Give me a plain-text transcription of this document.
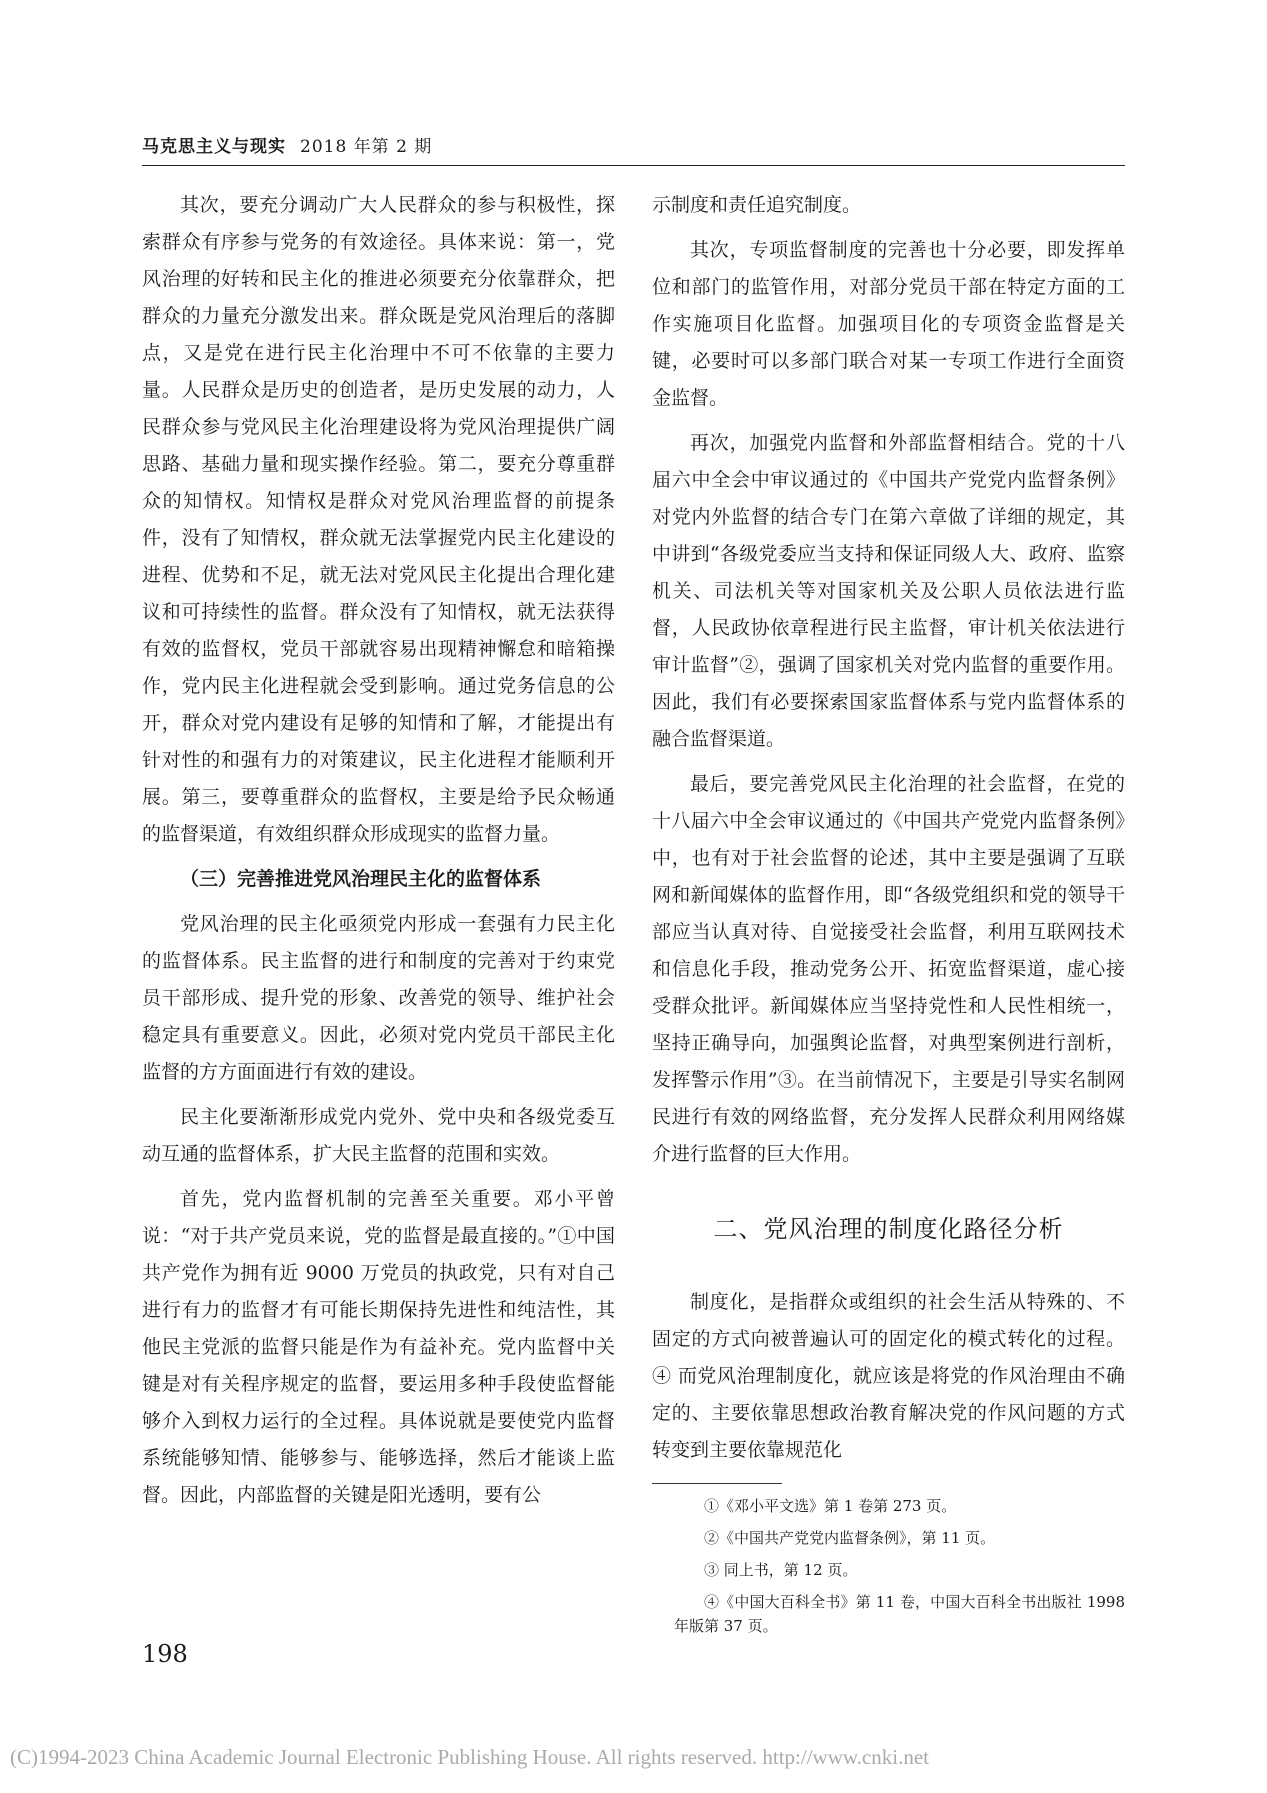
马克思主义与现实 2018 年第 2 期

其次，要充分调动广大人民群众的参与积极性，探索群众有序参与党务的有效途径。具体来说：第一，党风治理的好转和民主化的推进必须要充分依靠群众，把群众的力量充分激发出来。群众既是党风治理后的落脚点，又是党在进行民主化治理中不可不依靠的主要力量。人民群众是历史的创造者，是历史发展的动力，人民群众参与党风民主化治理建设将为党风治理提供广阔思路、基础力量和现实操作经验。第二，要充分尊重群众的知情权。知情权是群众对党风治理监督的前提条件，没有了知情权，群众就无法掌握党内民主化建设的进程、优势和不足，就无法对党风民主化提出合理化建议和可持续性的监督。群众没有了知情权，就无法获得有效的监督权，党员干部就容易出现精神懈怠和暗箱操作，党内民主化进程就会受到影响。通过党务信息的公开，群众对党内建设有足够的知情和了解，才能提出有针对性的和强有力的对策建议，民主化进程才能顺利开展。第三，要尊重群众的监督权，主要是给予民众畅通的监督渠道，有效组织群众形成现实的监督力量。

（三）完善推进党风治理民主化的监督体系

党风治理的民主化亟须党内形成一套强有力民主化的监督体系。民主监督的进行和制度的完善对于约束党员干部形成、提升党的形象、改善党的领导、维护社会稳定具有重要意义。因此，必须对党内党员干部民主化监督的方方面面进行有效的建设。

民主化要渐渐形成党内党外、党中央和各级党委互动互通的监督体系，扩大民主监督的范围和实效。

首先，党内监督机制的完善至关重要。邓小平曾说：“对于共产党员来说，党的监督是最直接的。”①中国共产党作为拥有近 9000 万党员的执政党，只有对自己进行有力的监督才有可能长期保持先进性和纯洁性，其他民主党派的监督只能是作为有益补充。党内监督中关键是对有关程序规定的监督，要运用多种手段使监督能够介入到权力运行的全过程。具体说就是要使党内监督系统能够知情、能够参与、能够选择，然后才能谈上监督。因此，内部监督的关键是阳光透明，要有公

示制度和责任追究制度。

其次，专项监督制度的完善也十分必要，即发挥单位和部门的监管作用，对部分党员干部在特定方面的工作实施项目化监督。加强项目化的专项资金监督是关键，必要时可以多部门联合对某一专项工作进行全面资金监督。

再次，加强党内监督和外部监督相结合。党的十八届六中全会中审议通过的《中国共产党党内监督条例》对党内外监督的结合专门在第六章做了详细的规定，其中讲到“各级党委应当支持和保证同级人大、政府、监察机关、司法机关等对国家机关及公职人员依法进行监督，人民政协依章程进行民主监督，审计机关依法进行审计监督”②，强调了国家机关对党内监督的重要作用。因此，我们有必要探索国家监督体系与党内监督体系的融合监督渠道。

最后，要完善党风民主化治理的社会监督，在党的十八届六中全会审议通过的《中国共产党党内监督条例》中，也有对于社会监督的论述，其中主要是强调了互联网和新闻媒体的监督作用，即“各级党组织和党的领导干部应当认真对待、自觉接受社会监督，利用互联网技术和信息化手段，推动党务公开、拓宽监督渠道，虚心接受群众批评。新闻媒体应当坚持党性和人民性相统一，坚持正确导向，加强舆论监督，对典型案例进行剖析，发挥警示作用”③。在当前情况下，主要是引导实名制网民进行有效的网络监督，充分发挥人民群众利用网络媒介进行监督的巨大作用。

二、党风治理的制度化路径分析

制度化，是指群众或组织的社会生活从特殊的、不固定的方式向被普遍认可的固定化的模式转化的过程。④ 而党风治理制度化，就应该是将党的作风治理由不确定的、主要依靠思想政治教育解决党的作风问题的方式转变到主要依靠规范化

①《邓小平文选》第 1 卷第 273 页。

②《中国共产党党内监督条例》，第 11 页。

③ 同上书，第 12 页。

④《中国大百科全书》第 11 卷，中国大百科全书出版社 1998 年版第 37 页。

198
(C)1994-2023 China Academic Journal Electronic Publishing House. All rights reserved. http://www.cnki.net
